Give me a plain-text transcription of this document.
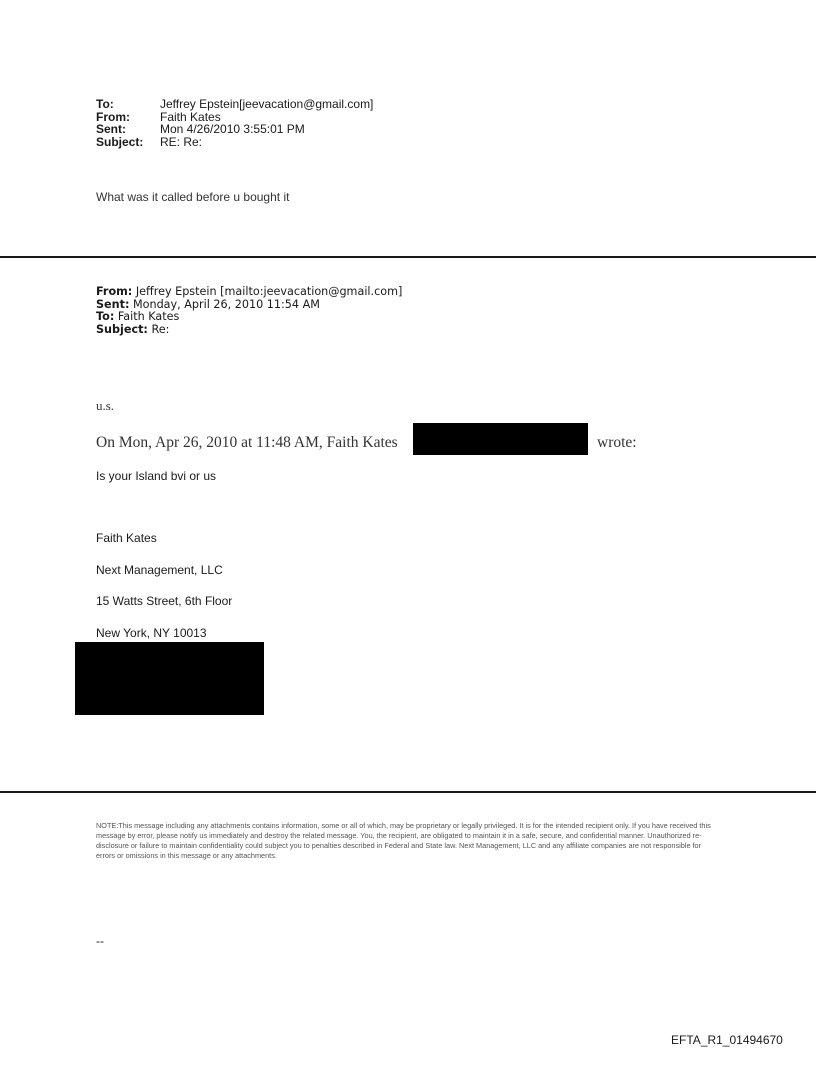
To:	Jeffrey Epstein[jeevacation@gmail.com]
From:	Faith Kates
Sent:	Mon 4/26/2010 3:55:01 PM
Subject: RE: Re:
What was it called before u bought it
From: Jeffrey Epstein [mailto:jeevacation@gmail.com]
Sent: Monday, April 26, 2010 11:54 AM
To: Faith Kates
Subject: Re:
u.s.
On Mon, Apr 26, 2010 at 11:48 AM, Faith Kates	wrote:
Is your Island bvi or us
Faith Kates
Next Management, LLC
15 Watts Street, 6th Floor
New York, NY 10013
NOTE:This message including any attachments contains information, some or all of which, may be proprietary or legally privileged. It is for the intended recipient only. If you have received this message by error, please notify us immediately and destroy the related message. You, the recipient, are obligated to maintain it in a safe, secure, and confidential manner. Unauthorized re-disclosure or failure to maintain confidentiality could subject you to penalties described in Federal and State law. Next Management, LLC and any affiliate companies are not responsible for errors or omissions in this message or any attachments.
--
EFTA_R1_01494670
